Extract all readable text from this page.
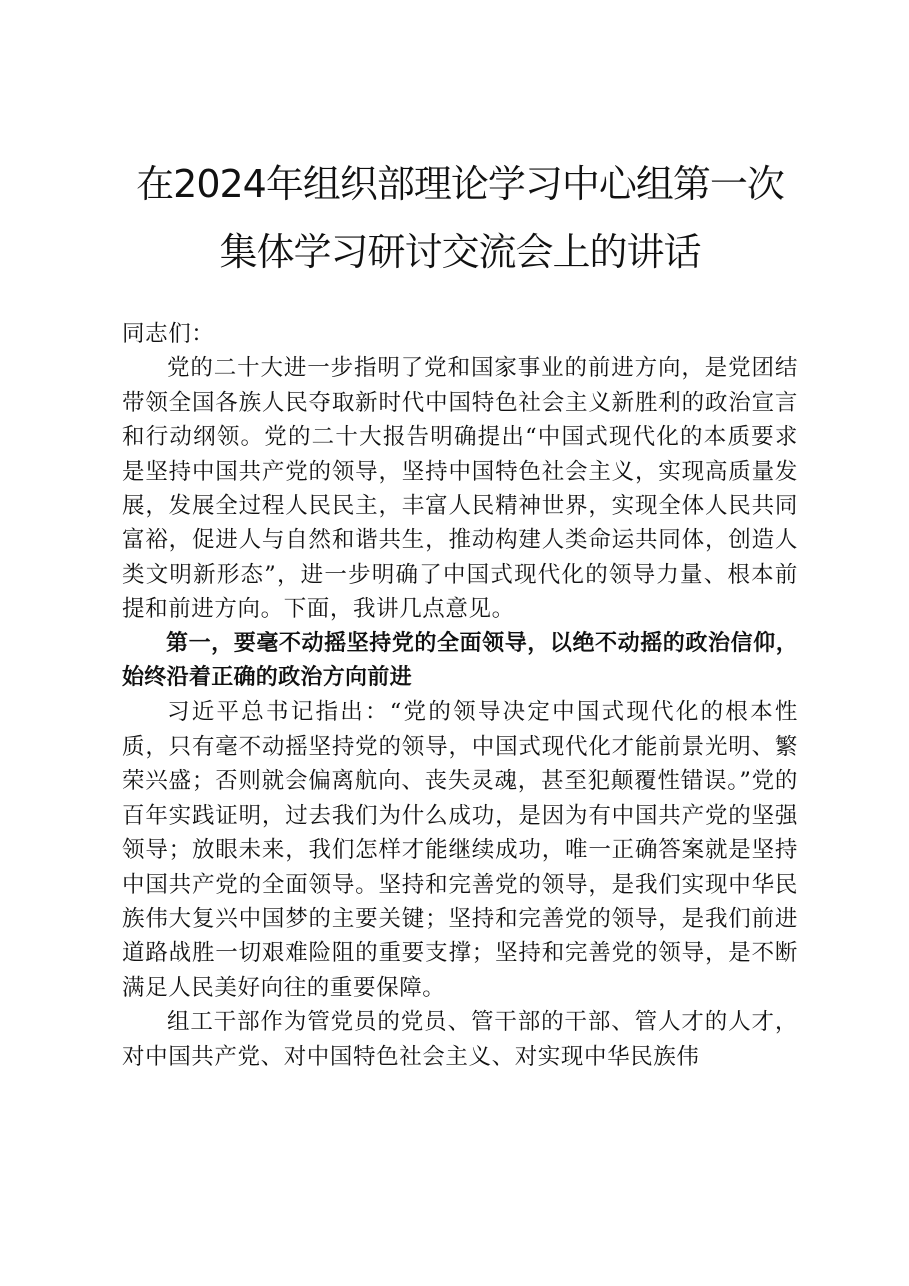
在2024年组织部理论学习中心组第一次集体学习研讨交流会上的讲话

同志们：

党的二十大进一步指明了党和国家事业的前进方向，是党团结带领全国各族人民夺取新时代中国特色社会主义新胜利的政治宣言和行动纲领。党的二十大报告明确提出“中国式现代化的本质要求是坚持中国共产党的领导，坚持中国特色社会主义，实现高质量发展，发展全过程人民民主，丰富人民精神世界，实现全体人民共同富裕，促进人与自然和谐共生，推动构建人类命运共同体，创造人类文明新形态”，进一步明确了中国式现代化的领导力量、根本前提和前进方向。下面，我讲几点意见。

第一，要毫不动摇坚持党的全面领导，以绝不动摇的政治信仰，始终沿着正确的政治方向前进

习近平总书记指出：“党的领导决定中国式现代化的根本性质，只有毫不动摇坚持党的领导，中国式现代化才能前景光明、繁荣兴盛；否则就会偏离航向、丧失灵魂，甚至犯颠覆性错误。”党的百年实践证明，过去我们为什么成功，是因为有中国共产党的坚强领导；放眼未来，我们怎样才能继续成功，唯一正确答案就是坚持中国共产党的全面领导。坚持和完善党的领导，是我们实现中华民族伟大复兴中国梦的主要关键；坚持和完善党的领导，是我们前进道路战胜一切艰难险阻的重要支撑；坚持和完善党的领导，是不断满足人民美好向往的重要保障。

组工干部作为管党员的党员、管干部的干部、管人才的人才，对中国共产党、对中国特色社会主义、对实现中华民族伟
